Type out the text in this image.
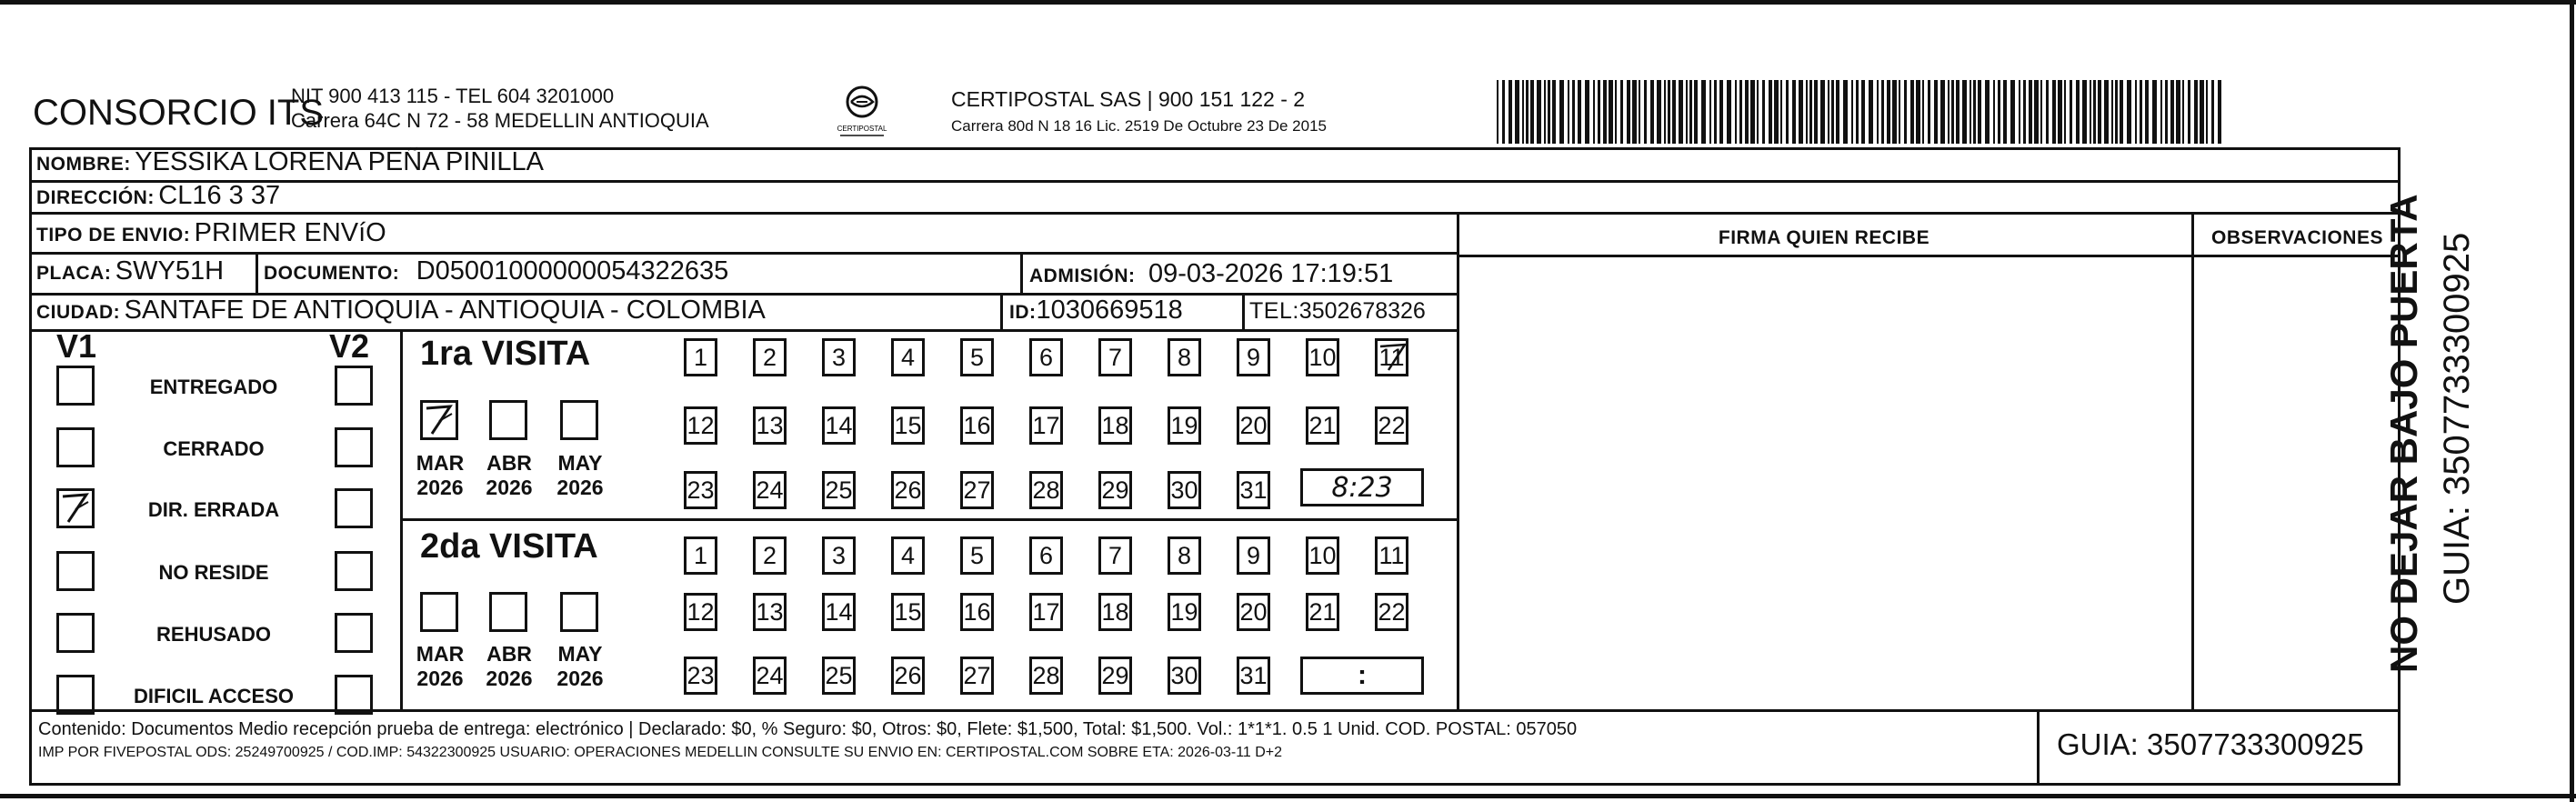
CONSORCIO ITS
NIT 900 413 115 - TEL 604 3201000
Carrera 64C N 72 - 58 MEDELLIN ANTIOQUIA	CERTIPOSTAL
CERTIPOSTAL SAS | 900 151 122 - 2
Carrera 80d N 18 16 Lic. 2519 De Octubre 23 De 2015
NOMBRE: YESSIKA LORENA PEÑA PINILLA
DIRECCIÓN: CL16 3 37
TIPO DE ENVIO: PRIMER ENVíO
PLACA: SWY51H DOCUMENTO: D05001000000054322635	ADMISIÓN: 09-03-2026 17:19:51
CIUDAD: SANTAFE DE ANTIOQUIA - ANTIOQUIA - COLOMBIA	ID:1030669518	TEL:3502678326
FIRMA QUIEN RECIBE	OBSERVACIONES
V1	V2
ENTREGADO
CERRADO
DIR. ERRADA
NO RESIDE
REHUSADO
DIFICIL ACCESO
1ra VISITA
MAR
2026
ABR
2026
MAY
2026
1	2	3	4	5	6	7	8	9	10 11
12 13 14 15 16 17 18 19 20 21 22
23 24 25 26 27 28 29 30 31	8:23
2da VISITA
MAR
2026
ABR
2026
MAY
2026
1	2	3	4	5	6	7	8	9	10 11
12 13 14 15 16 17 18 19 20 21 22
23 24 25 26 27 28 29 30 31	:
Contenido: Documentos Medio recepción prueba de entrega: electrónico | Declarado: $0, % Seguro: $0, Otros: $0, Flete: $1,500, Total: $1,500. Vol.: 1*1*1. 0.5 1 Unid. COD. POSTAL: 057050
IMP POR FIVEPOSTAL ODS: 25249700925 / COD.IMP: 54322300925 USUARIO: OPERACIONES MEDELLIN CONSULTE SU ENVIO EN: CERTIPOSTAL.COM SOBRE ETA: 2026-03-11 D+2	GUIA: 3507733300925
NO DEJAR BAJO PUERTA GUIA: 3507733300925
